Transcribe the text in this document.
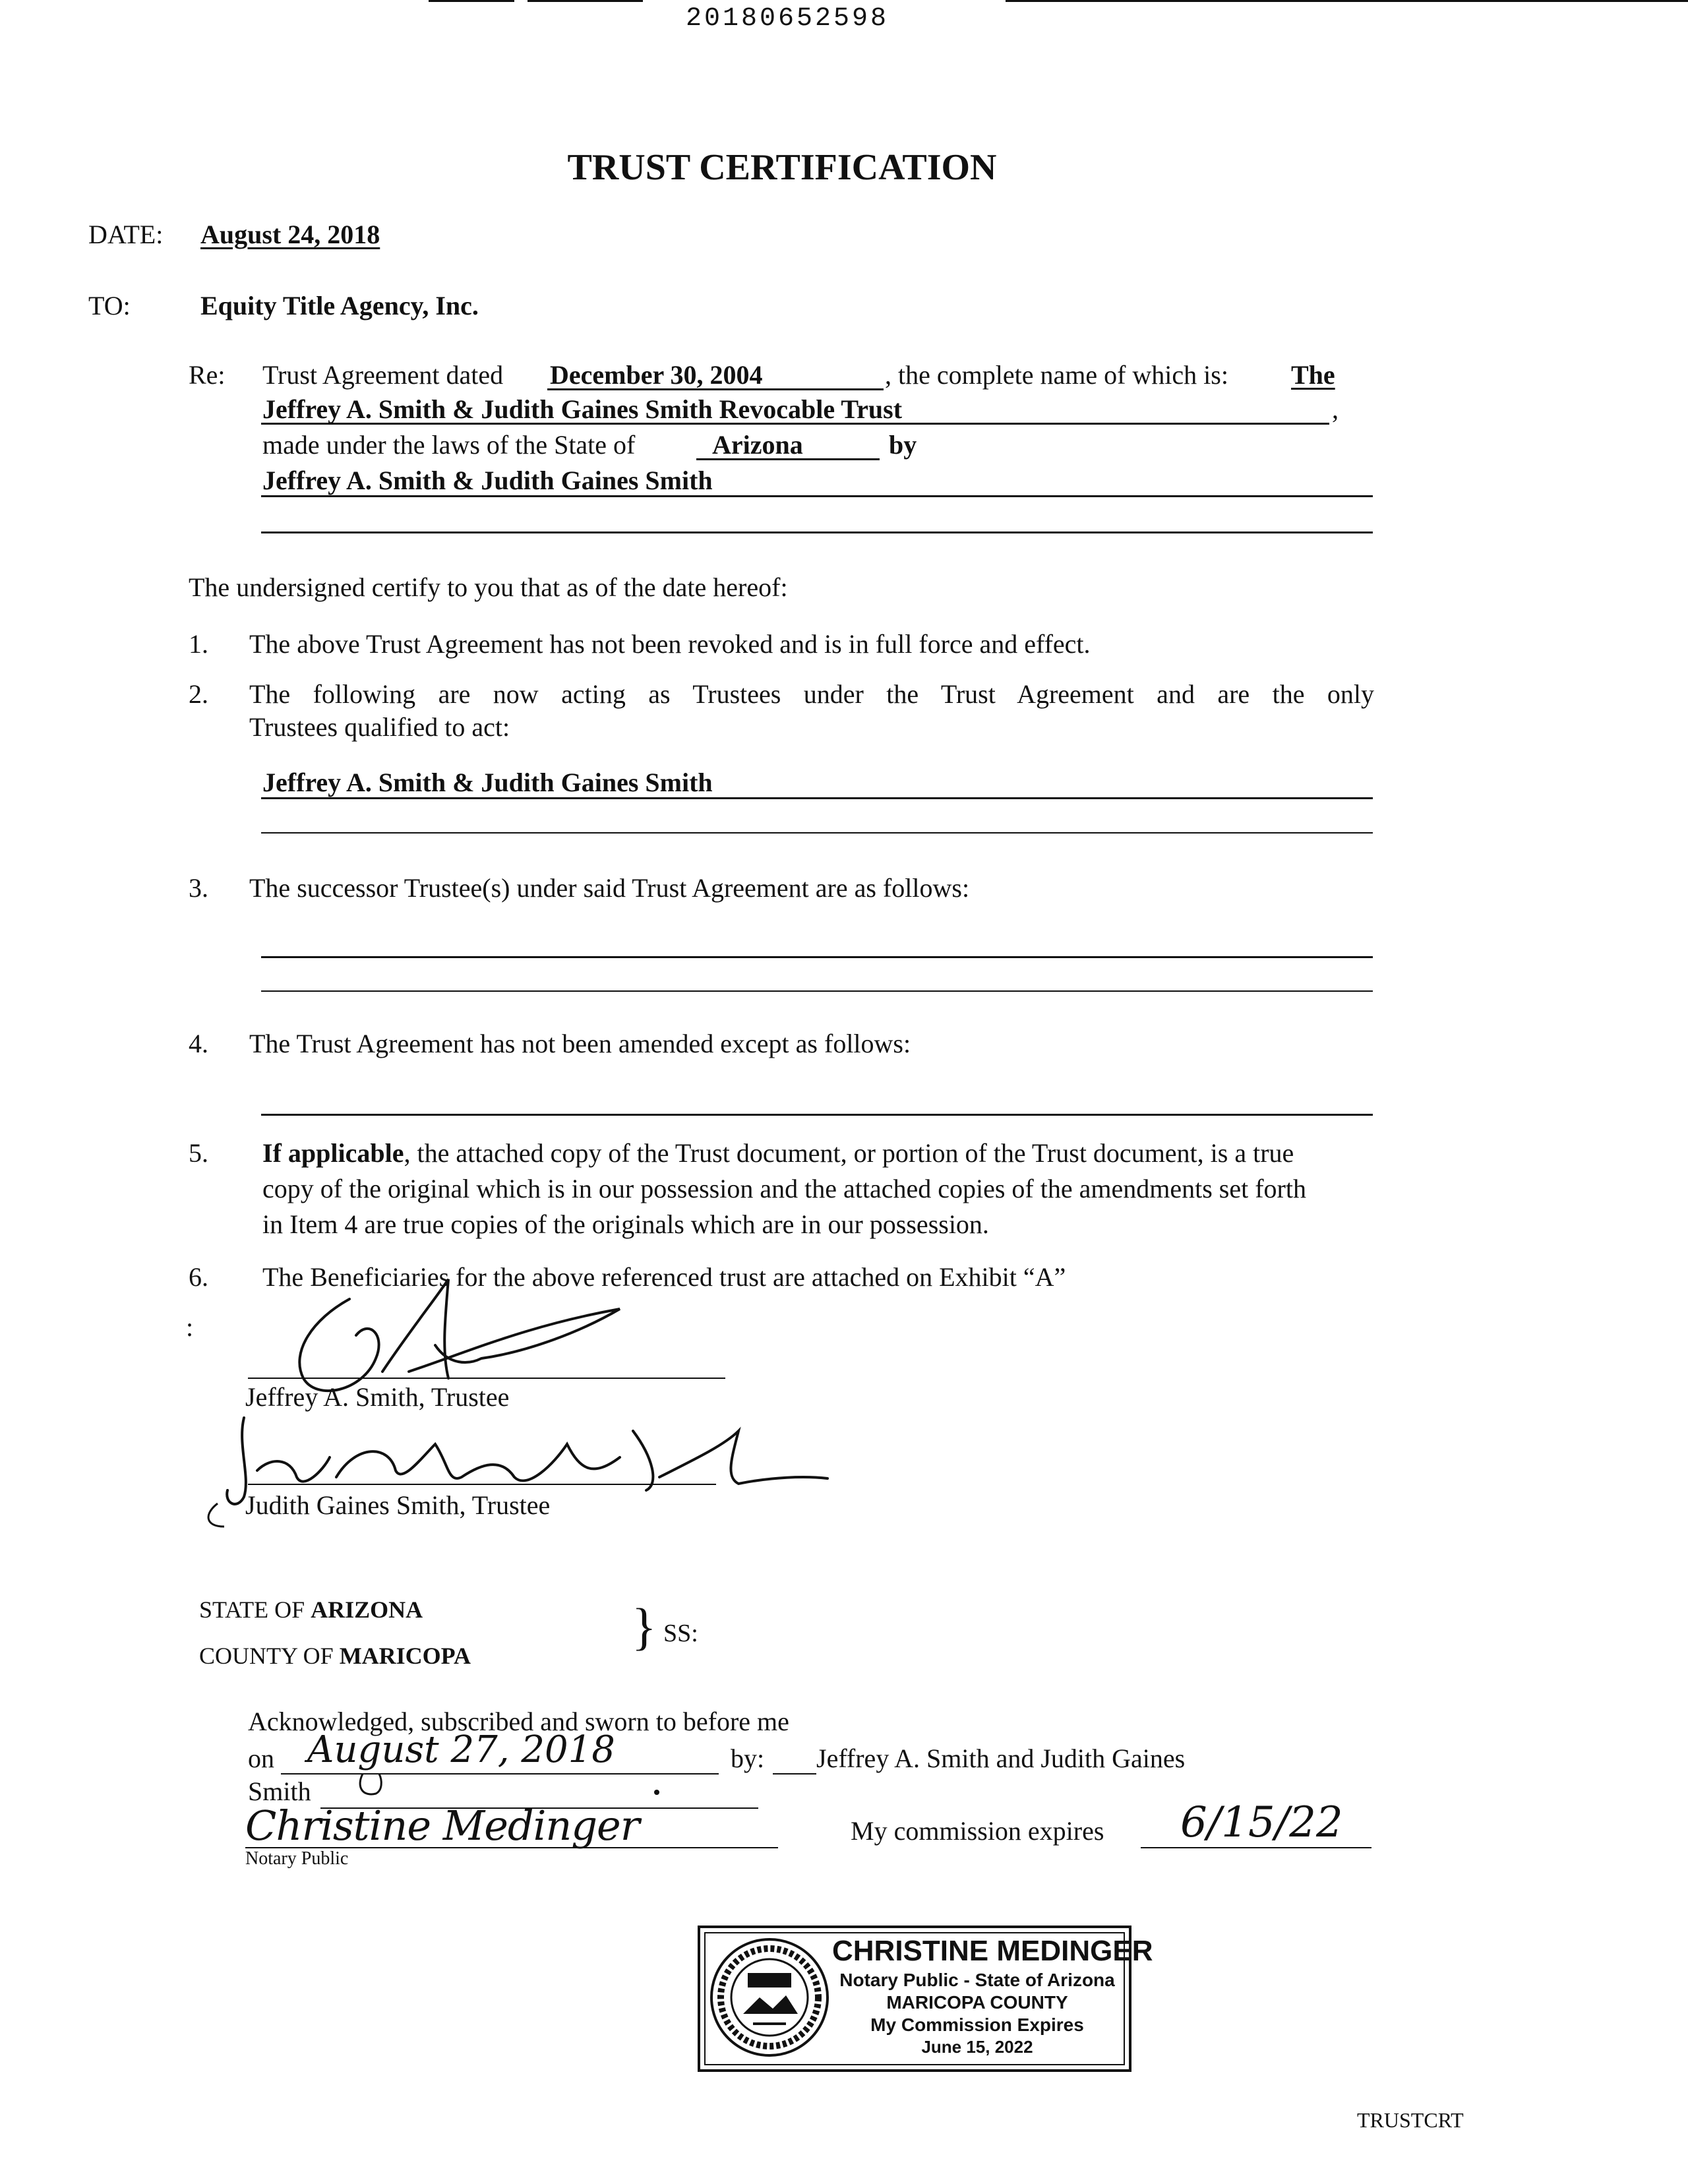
20180652598
TRUST CERTIFICATION
DATE: August 24, 2018
TO:	Equity Title Agency, Inc.
Re: Trust Agreement dated December 30, 2004	, the complete name of which is: The
Jeffrey A. Smith & Judith Gaines Smith Revocable Trust	,
made under the laws of the State of	Arizona	by
Jeffrey A. Smith & Judith Gaines Smith
The undersigned certify to you that as of the date hereof:
1. The above Trust Agreement has not been revoked and is in full force and effect.
2. The following are now acting as Trustees under the Trust Agreement and are the only
Trustees qualified to act:
Jeffrey A. Smith & Judith Gaines Smith
3. The successor Trustee(s) under said Trust Agreement are as follows:
4. The Trust Agreement has not been amended except as follows:
5. If applicable, the attached copy of the Trust document, or portion of the Trust document, is a true
copy of the original which is in our possession and the attached copies of the amendments set forth
in Item 4 are true copies of the originals which are in our possession.
6. The Beneficiaries for the above referenced trust are attached on Exhibit “A”
:
Jeffrey A. Smith, Trustee
Judith Gaines Smith, Trustee
STATE OF ARIZONA
COUNTY OF MARICOPA
} SS:
Acknowledged, subscribed and sworn to before me
on August 27, 2018	by: Jeffrey A. Smith and Judith Gaines
Smith
Christine Medinger
Notary Public
My commission expires 6/15/22
CHRISTINE MEDINGER
Notary Public - State of Arizona
MARICOPA COUNTY
My Commission Expires
June 15, 2022
TRUSTCRT
